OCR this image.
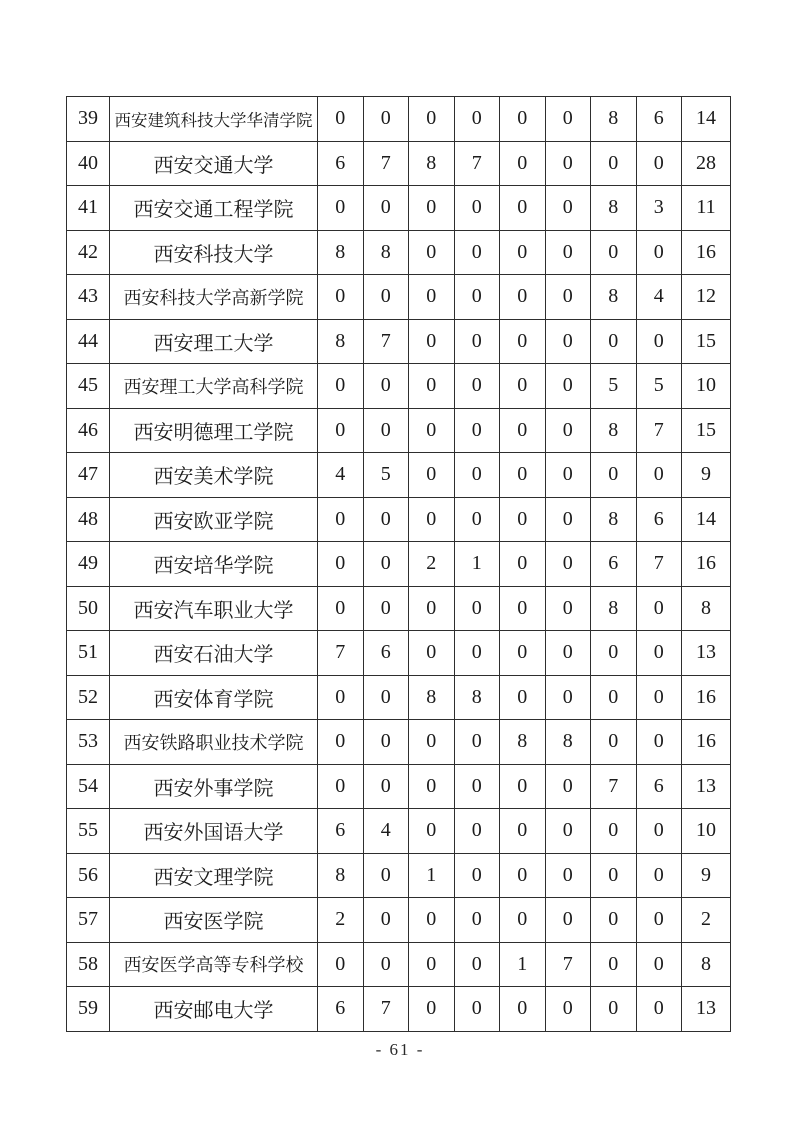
39	西安建筑科技大学华清学院	0	0	0	0	0	0	8	6	14
40	西安交通大学	6	7	8	7	0	0	0	0	28
41	西安交通工程学院	0	0	0	0	0	0	8	3	11
42	西安科技大学	8	8	0	0	0	0	0	0	16
43	西安科技大学高新学院	0	0	0	0	0	0	8	4	12
44	西安理工大学	8	7	0	0	0	0	0	0	15
45	西安理工大学高科学院	0	0	0	0	0	0	5	5	10
46	西安明德理工学院	0	0	0	0	0	0	8	7	15
47	西安美术学院	4	5	0	0	0	0	0	0	9
48	西安欧亚学院	0	0	0	0	0	0	8	6	14
49	西安培华学院	0	0	2	1	0	0	6	7	16
50	西安汽车职业大学	0	0	0	0	0	0	8	0	8
51	西安石油大学	7	6	0	0	0	0	0	0	13
52	西安体育学院	0	0	8	8	0	0	0	0	16
53	西安铁路职业技术学院	0	0	0	0	8	8	0	0	16
54	西安外事学院	0	0	0	0	0	0	7	6	13
55	西安外国语大学	6	4	0	0	0	0	0	0	10
56	西安文理学院	8	0	1	0	0	0	0	0	9
57	西安医学院	2	0	0	0	0	0	0	0	2
58	西安医学高等专科学校	0	0	0	0	1	7	0	0	8
59	西安邮电大学	6	7	0	0	0	0	0	0	13
- 61 -
